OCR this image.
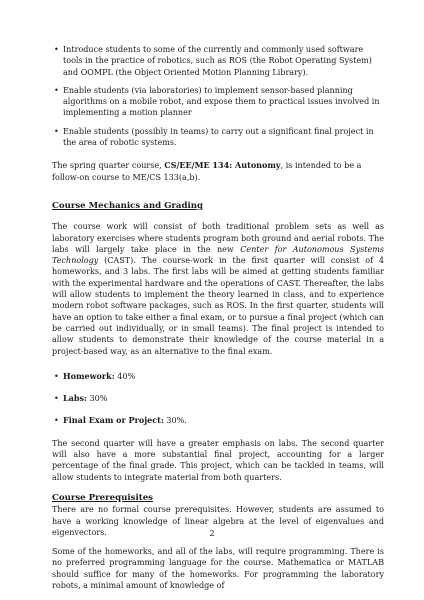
• Introduce students to some of the currently and commonly used software tools in the practice of robotics, such as ROS (the Robot Operating System) and OOMPL (the Object Oriented Motion Planning Library).
• Enable students (via laboratories) to implement sensor-based planning algorithms on a mobile robot, and expose them to practical issues involved in implementing a motion planner
• Enable students (possibly in teams) to carry out a significant final project in the area of robotic systems.

The spring quarter course, CS/EE/ME 134: Autonomy, is intended to be a follow-on course to ME/CS 133(a,b).

Course Mechanics and Grading

The course work will consist of both traditional problem sets as well as laboratory exercises where students program both ground and aerial robots. The labs will largely take place in the new Center for Autonomous Systems Technology (CAST). The course-work in the first quarter will consist of 4 homeworks, and 3 labs. The first labs will be aimed at getting students familiar with the experimental hardware and the operations of CAST. Thereafter, the labs will allow students to implement the theory learned in class, and to experience modern robot software packages, such as ROS. In the first quarter, students will have an option to take either a final exam, or to pursue a final project (which can be carried out individually, or in small teams). The final project is intended to allow students to demonstrate their knowledge of the course material in a project-based way, as an alternative to the final exam.

• Homework: 40%
• Labs: 30%
• Final Exam or Project: 30%.

The second quarter will have a greater emphasis on labs. The second quarter will also have a more substantial final project, accounting for a larger percentage of the final grade. This project, which can be tackled in teams, will allow students to integrate material from both quarters.

Course Prerequisites

There are no formal course prerequisites. However, students are assumed to have a working knowledge of linear algebra at the level of eigenvalues and eigenvectors.

Some of the homeworks, and all of the labs, will require programming. There is no preferred programming language for the course. Mathematica or MATLAB should suffice for many of the homeworks. For programming the laboratory robots, a minimal amount of knowledge of

2
